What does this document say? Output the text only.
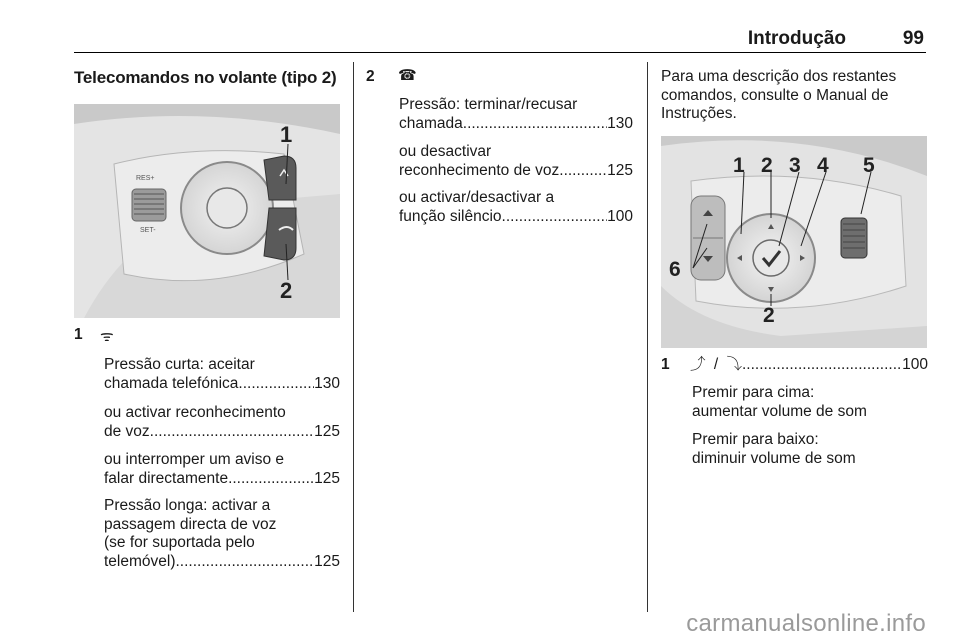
Introdução	99
Telecomandos no volante (tipo 2)
RES+
SET-
1
2
1 ᯤ
Pressão curta: aceitar
chamada telefónica .....	130
ou activar reconhecimento
de voz .....	125
ou interromper um aviso e
falar directamente .....	125
Pressão longa: activar a
passagem directa de voz
(se for suportada pelo
telemóvel) .....	125
2 ☎
Pressão: terminar/recusar
chamada .....	130
ou desactivar
reconhecimento de voz .....	125
ou activar/desactivar a
função silêncio .....	100
Para uma descrição dos restantes
comandos, consulte o Manual de
Instruções.
1 2 3 4 5
6
2
1 ⤴ / ⤵ .....	100
Premir para cima:
aumentar volume de som
Premir para baixo:
diminuir volume de som
carmanualsonline.info
